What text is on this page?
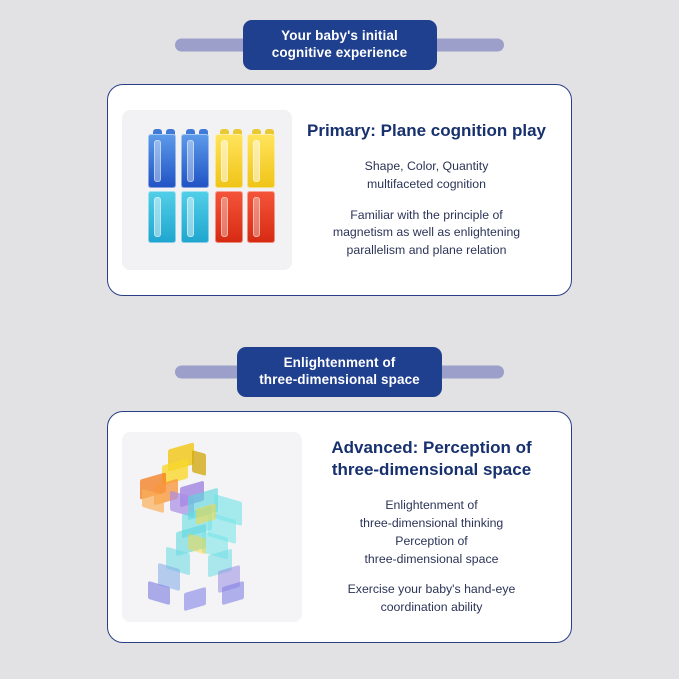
Your baby's initial
cognitive experience
Primary: Plane cognition play
Shape, Color, Quantity
multifaceted cognition
Familiar with the principle of
magnetism as well as enlightening
parallelism and plane relation
Enlightenment of
three-dimensional space
Advanced: Perception of
three-dimensional space
Enlightenment of
three-dimensional thinking
Perception of
three-dimensional space
Exercise your baby's hand-eye
coordination ability
